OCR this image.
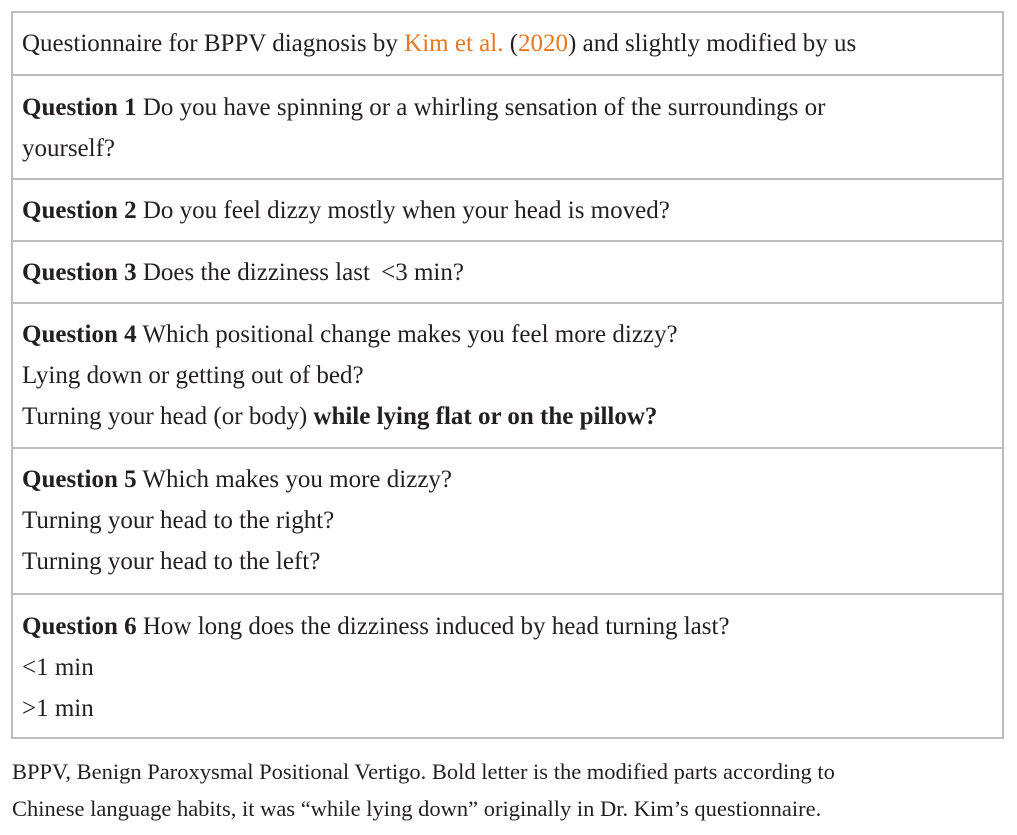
Questionnaire for BPPV diagnosis by Kim et al. (2020) and slightly modified by us
Question 1 Do you have spinning or a whirling sensation of the surroundings or
yourself?
Question 2 Do you feel dizzy mostly when your head is moved?
Question 3 Does the dizziness last  <3 min?
Question 4 Which positional change makes you feel more dizzy?
Lying down or getting out of bed?
Turning your head (or body) while lying flat or on the pillow?
Question 5 Which makes you more dizzy?
Turning your head to the right?
Turning your head to the left?
Question 6 How long does the dizziness induced by head turning last?
<1 min
>1 min
BPPV, Benign Paroxysmal Positional Vertigo. Bold letter is the modified parts according to
Chinese language habits, it was “while lying down” originally in Dr. Kim’s questionnaire.
